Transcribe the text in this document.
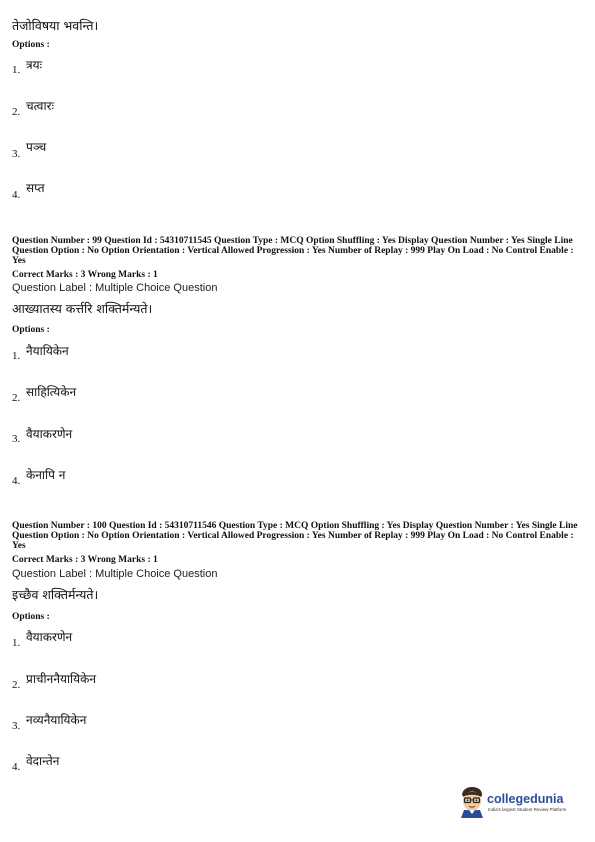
तेजोविषया भवन्ति।
Options :
1. त्रयः
2. चत्वारः
3. पञ्च
4. सप्त
Question Number : 99 Question Id : 54310711545 Question Type : MCQ Option Shuffling : Yes Display Question Number : Yes Single Line Question Option : No Option Orientation : Vertical Allowed Progression : Yes Number of Replay : 999 Play On Load : No Control Enable : Yes
Correct Marks : 3 Wrong Marks : 1
Question Label : Multiple Choice Question
आख्यातस्य कर्त्तरि शक्तिर्मन्यते।
Options :
1. नैयायिकेन
2. साहित्यिकेन
3. वैयाकरणेन
4. केनापि न
Question Number : 100 Question Id : 54310711546 Question Type : MCQ Option Shuffling : Yes Display Question Number : Yes Single Line Question Option : No Option Orientation : Vertical Allowed Progression : Yes Number of Replay : 999 Play On Load : No Control Enable : Yes
Correct Marks : 3 Wrong Marks : 1
Question Label : Multiple Choice Question
इच्छैव शक्तिर्मन्यते।
Options :
1. वैयाकरणेन
2. प्राचीननैयायिकेन
3. नव्यनैयायिकेन
4. वेदान्तेन
collegedunia
India's largest Student Review Platform
